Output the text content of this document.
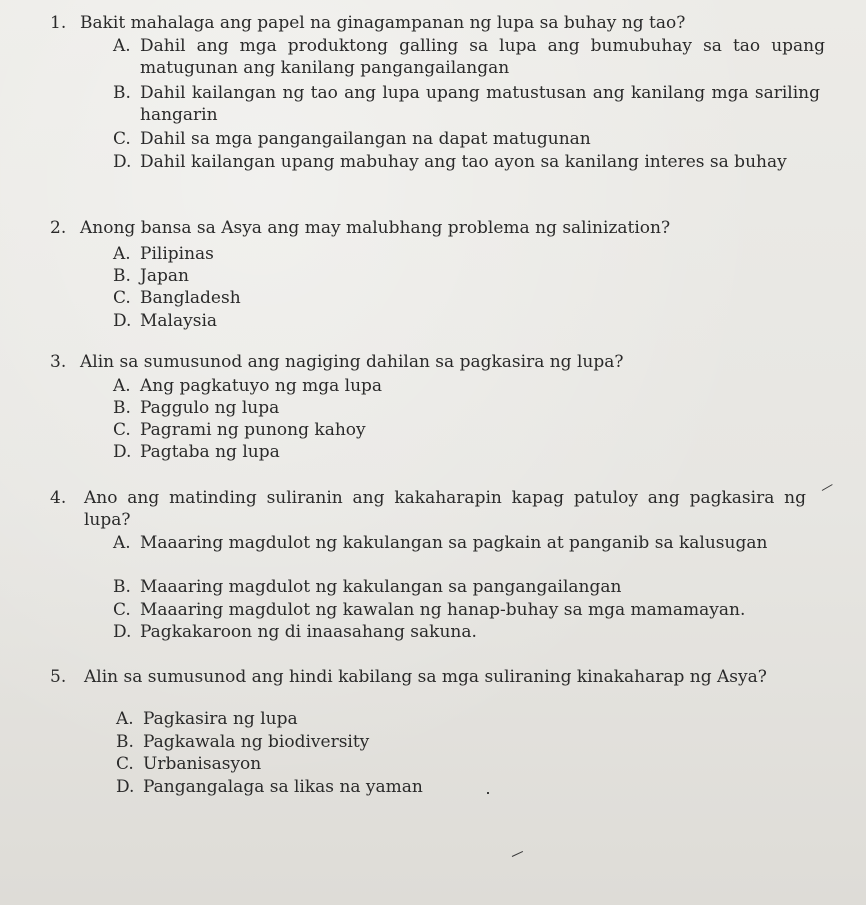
1. Bakit mahalaga ang papel na ginagampanan ng lupa sa buhay ng tao?
A. Dahil ang mga produktong galling sa lupa ang bumubuhay sa tao upang matugunan ang kanilang pangangailangan
B. Dahil kailangan ng tao ang lupa upang matustusan ang kanilang mga sariling hangarin
C. Dahil sa mga pangangailangan na dapat matugunan
D. Dahil kailangan upang mabuhay ang tao ayon sa kanilang interes sa buhay
2. Anong bansa sa Asya ang may malubhang problema ng salinization?
A. Pilipinas
B. Japan
C. Bangladesh
D. Malaysia
3. Alin sa sumusunod ang nagiging dahilan sa pagkasira ng lupa?
A. Ang pagkatuyo ng mga lupa
B. Paggulo ng lupa
C. Pagrami ng punong kahoy
D. Pagtaba ng lupa
4. Ano ang matinding suliranin ang kakaharapin kapag patuloy ang pagkasira ng lupa?
A. Maaaring magdulot ng kakulangan sa pagkain at panganib sa kalusugan
B. Maaaring magdulot ng kakulangan sa pangangailangan
C. Maaaring magdulot ng kawalan ng hanap-buhay sa mga mamamayan.
D. Pagkakaroon ng di inaasahang sakuna.
5. Alin sa sumusunod ang hindi kabilang sa mga suliraning kinakaharap ng Asya?
A. Pagkasira ng lupa
B. Pagkawala ng biodiversity
C. Urbanisasyon
D. Pangangalaga sa likas na yaman
